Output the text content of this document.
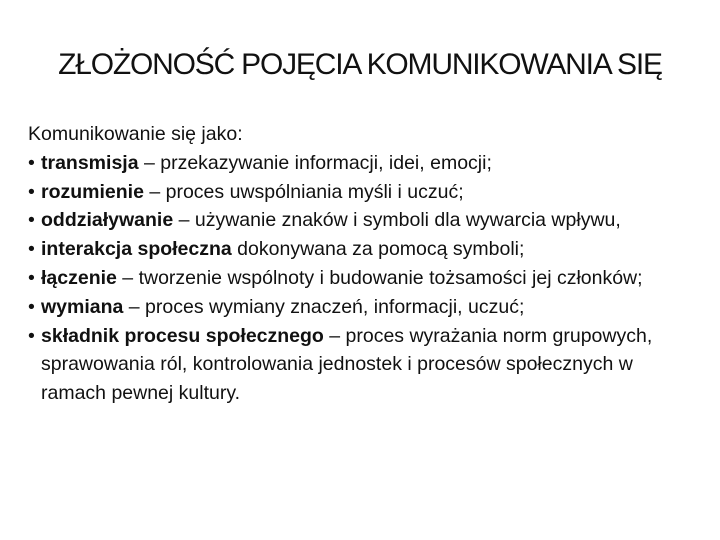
ZŁOŻONOŚĆ POJĘCIA KOMUNIKOWANIA SIĘ

Komunikowanie się jako:

• transmisja – przekazywanie informacji, idei, emocji;
• rozumienie – proces uwspólniania myśli i uczuć;
• oddziaływanie – używanie znaków i symboli dla wywarcia wpływu,
• interakcja społeczna dokonywana za pomocą symboli;
• łączenie – tworzenie wspólnoty i budowanie tożsamości jej członków;
• wymiana – proces wymiany znaczeń, informacji, uczuć;
• składnik procesu społecznego – proces wyrażania norm grupowych, sprawowania ról, kontrolowania jednostek i procesów społecznych w ramach pewnej kultury.
